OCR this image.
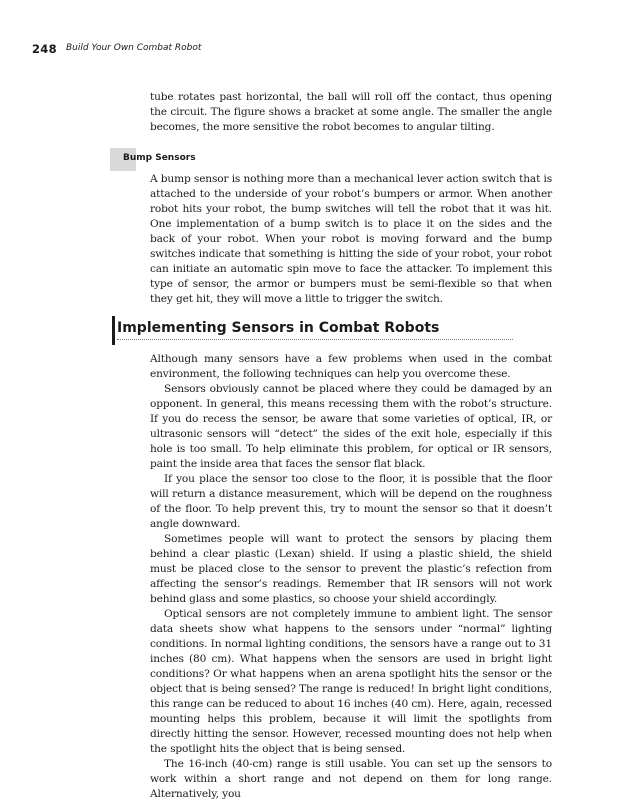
248 Build Your Own Combat Robot

tube rotates past horizontal, the ball will roll off the contact, thus opening the circuit. The figure shows a bracket at some angle. The smaller the angle becomes, the more sensitive the robot becomes to angular tilting.

Bump Sensors

A bump sensor is nothing more than a mechanical lever action switch that is attached to the underside of your robot’s bumpers or armor. When another robot hits your robot, the bump switches will tell the robot that it was hit. One implementation of a bump switch is to place it on the sides and the back of your robot. When your robot is moving forward and the bump switches indicate that something is hitting the side of your robot, your robot can initiate an automatic spin move to face the attacker. To implement this type of sensor, the armor or bumpers must be semi-flexible so that when they get hit, they will move a little to trigger the switch.

Implementing Sensors in Combat Robots

Although many sensors have a few problems when used in the combat environment, the following techniques can help you overcome these.

Sensors obviously cannot be placed where they could be damaged by an opponent. In general, this means recessing them with the robot’s structure. If you do recess the sensor, be aware that some varieties of optical, IR, or ultrasonic sensors will “detect” the sides of the exit hole, especially if this hole is too small. To help eliminate this problem, for optical or IR sensors, paint the inside area that faces the sensor flat black.

If you place the sensor too close to the floor, it is possible that the floor will return a distance measurement, which will be depend on the roughness of the floor. To help prevent this, try to mount the sensor so that it doesn’t angle downward.

Sometimes people will want to protect the sensors by placing them behind a clear plastic (Lexan) shield. If using a plastic shield, the shield must be placed close to the sensor to prevent the plastic’s refection from affecting the sensor’s readings. Remember that IR sensors will not work behind glass and some plastics, so choose your shield accordingly.

Optical sensors are not completely immune to ambient light. The sensor data sheets show what happens to the sensors under “normal” lighting conditions. In normal lighting conditions, the sensors have a range out to 31 inches (80 cm). What happens when the sensors are used in bright light conditions? Or what happens when an arena spotlight hits the sensor or the object that is being sensed? The range is reduced! In bright light conditions, this range can be reduced to about 16 inches (40 cm). Here, again, recessed mounting helps this problem, because it will limit the spotlights from directly hitting the sensor. However, recessed mounting does not help when the spotlight hits the object that is being sensed.

The 16-inch (40-cm) range is still usable. You can set up the sensors to work within a short range and not depend on them for long range. Alternatively, you
